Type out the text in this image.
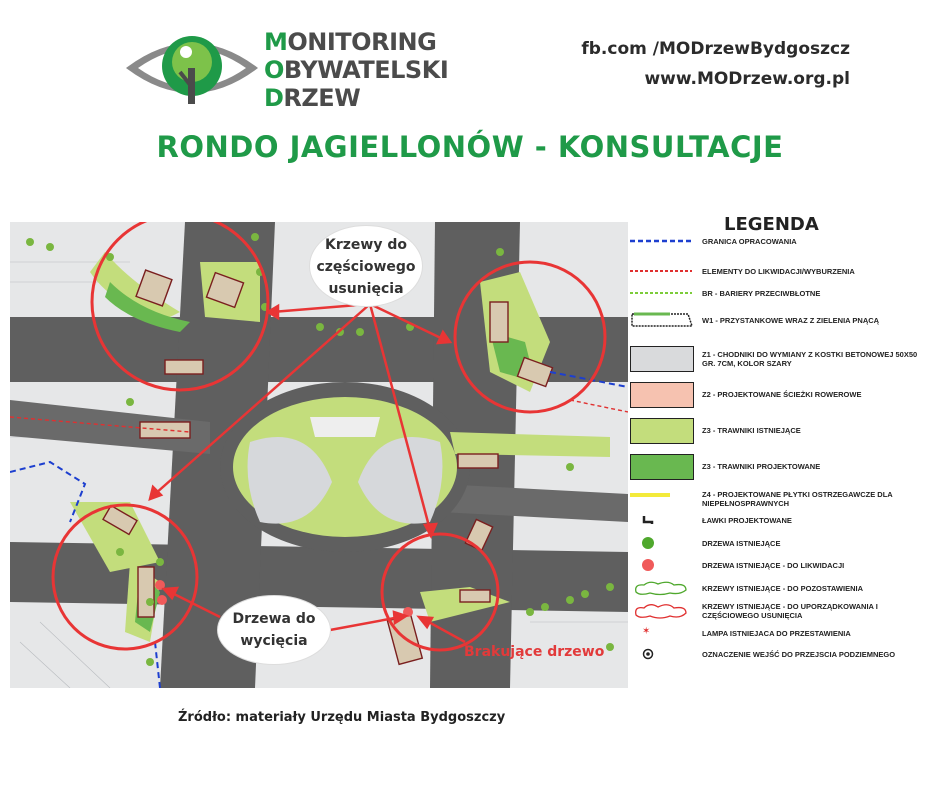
MONITORING
OBYWATELSKI
DRZEW
fb.com /MODrzewBydgoszcz
www.MODrzew.org.pl
RONDO JAGIELLONÓW - KONSULTACJE
Krzewy do
częściowego
usunięcia
Drzewa do
wycięcia
Brakujące drzewo
LEGENDA
GRANICA OPRACOWANIA
ELEMENTY DO LIKWIDACJI/WYBURZENIA
BR - BARIERY PRZECIWBŁOTNE
W1 - PRZYSTANKOWE WRAZ Z ZIELENIA PNĄCĄ
Z1 - CHODNIKI DO WYMIANY Z KOSTKI BETONOWEJ 50X50 GR. 7CM, KOLOR SZARY
Z2 - PROJEKTOWANE ŚCIEŻKI ROWEROWE
Z3 - TRAWNIKI ISTNIEJĄCE
Z3 - TRAWNIKI PROJEKTOWANE
Z4 - PROJEKTOWANE PŁYTKI OSTRZEGAWCZE DLA NIEPEŁNOSPRAWNYCH
ŁAWKI PROJEKTOWANE
DRZEWA ISTNIEJĄCE
DRZEWA ISTNIEJĄCE - DO LIKWIDACJI
KRZEWY ISTNIEJĄCE - DO POZOSTAWIENIA
KRZEWY ISTNIEJĄCE - DO UPORZĄDKOWANIA I CZĘŚCIOWEGO USUNIĘCIA
✶	LAMPA ISTNIEJACA DO PRZESTAWIENIA
OZNACZENIE WEJŚĆ DO PRZEJSCIA PODZIEMNEGO
Źródło: materiały Urzędu Miasta Bydgoszczy
